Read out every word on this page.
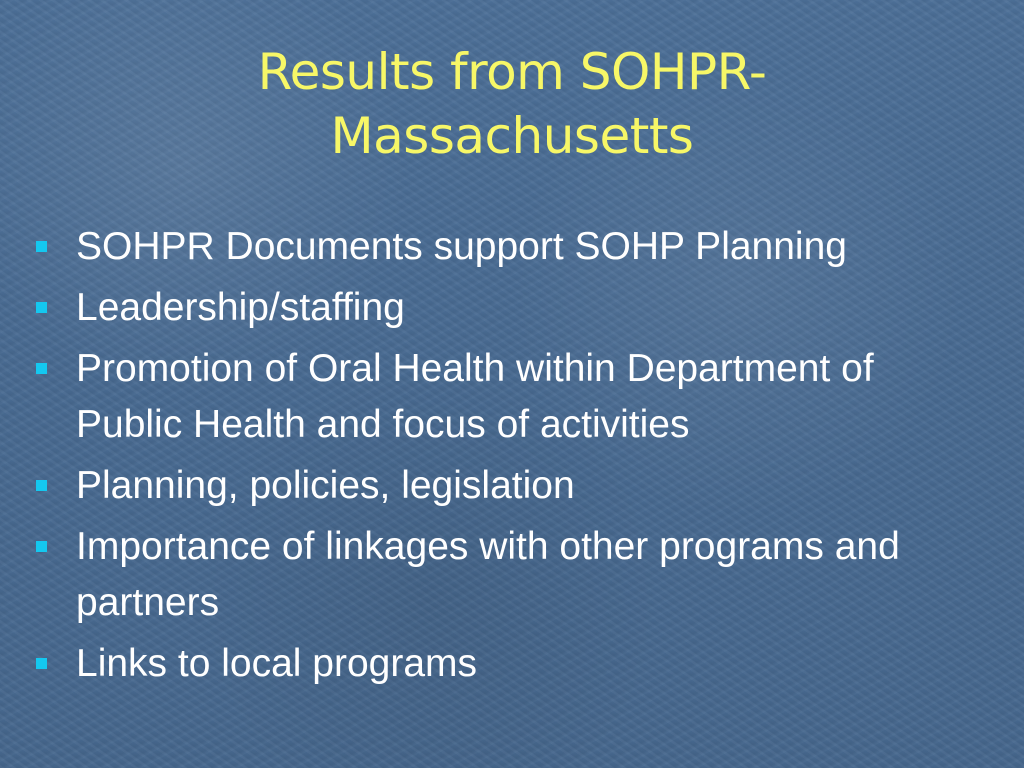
Results from SOHPR-
Massachusetts
SOHPR Documents support SOHP Planning
Leadership/staffing
Promotion of Oral Health within Department of Public Health and focus of activities
Planning, policies, legislation
Importance of linkages with other programs and partners
Links to local programs
